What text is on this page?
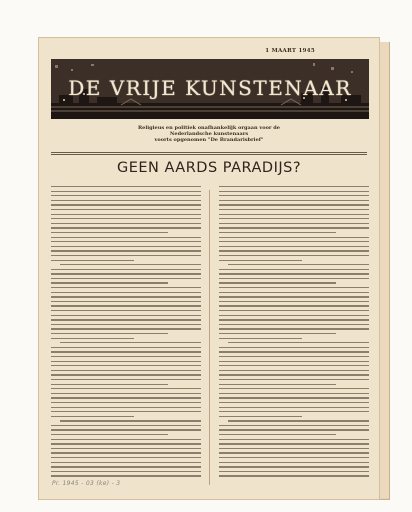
1 MAART 1945
DE VRIJE KUNSTENAAR
Religieus en politiek onafhankelijk orgaan voor de
Nederlandsche kunstenaars
voorts opgenomen "De Brandarisbrief"
GEEN AARDS PARADIJS?
Pr. 1945 - 03 (ke) - 3
